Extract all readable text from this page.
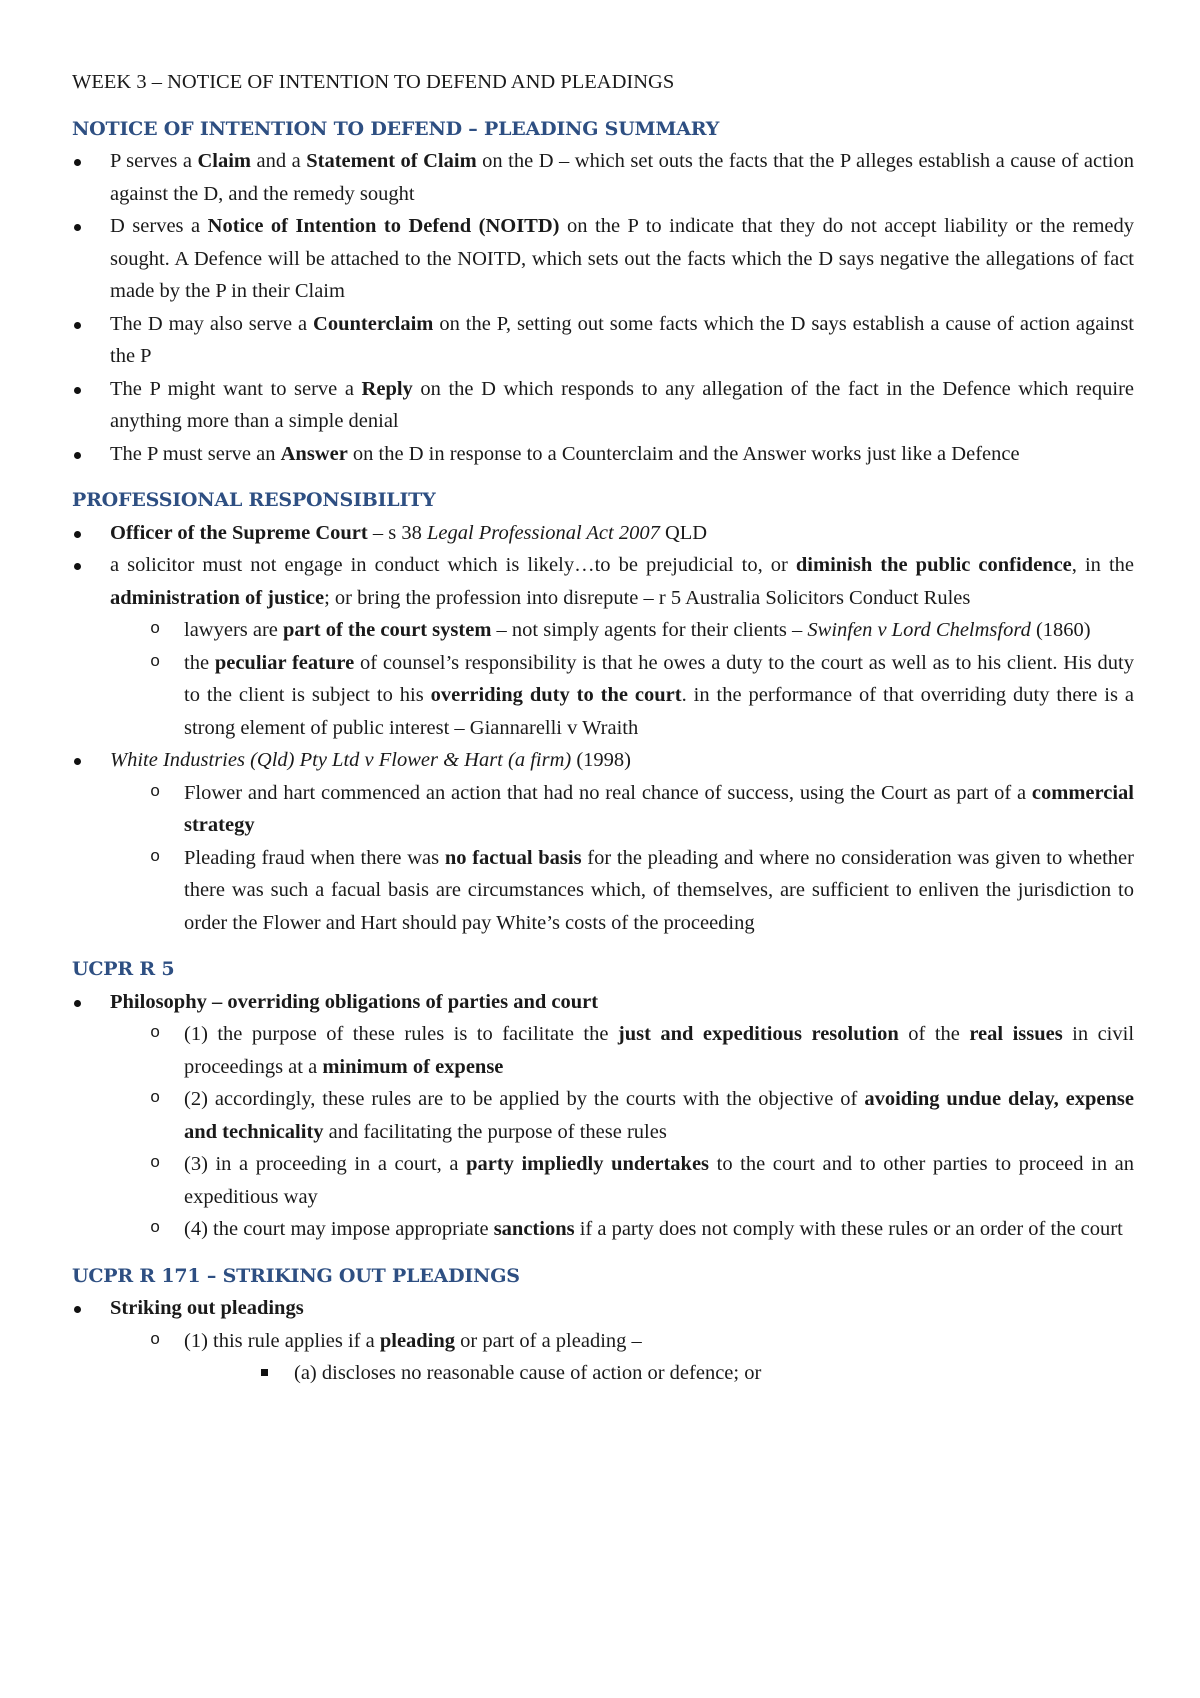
WEEK 3 – NOTICE OF INTENTION TO DEFEND AND PLEADINGS

NOTICE OF INTENTION TO DEFEND – PLEADING SUMMARY
P serves a Claim and a Statement of Claim on the D – which set outs the facts that the P alleges establish a cause of action against the D, and the remedy sought
D serves a Notice of Intention to Defend (NOITD) on the P to indicate that they do not accept liability or the remedy sought. A Defence will be attached to the NOITD, which sets out the facts which the D says negative the allegations of fact made by the P in their Claim
The D may also serve a Counterclaim on the P, setting out some facts which the D says establish a cause of action against the P
The P might want to serve a Reply on the D which responds to any allegation of the fact in the Defence which require anything more than a simple denial
The P must serve an Answer on the D in response to a Counterclaim and the Answer works just like a Defence
PROFESSIONAL RESPONSIBILITY
Officer of the Supreme Court – s 38 Legal Professional Act 2007 QLD
a solicitor must not engage in conduct which is likely…to be prejudicial to, or diminish the public confidence, in the administration of justice; or bring the profession into disrepute – r 5 Australia Solicitors Conduct Rules
o lawyers are part of the court system – not simply agents for their clients – Swinfen v Lord Chelmsford (1860)
o the peculiar feature of counsel’s responsibility is that he owes a duty to the court as well as to his client. His duty to the client is subject to his overriding duty to the court. in the performance of that overriding duty there is a strong element of public interest – Giannarelli v Wraith
White Industries (Qld) Pty Ltd v Flower & Hart (a firm) (1998)
o Flower and hart commenced an action that had no real chance of success, using the Court as part of a commercial strategy
o Pleading fraud when there was no factual basis for the pleading and where no consideration was given to whether there was such a facual basis are circumstances which, of themselves, are sufficient to enliven the jurisdiction to order the Flower and Hart should pay White’s costs of the proceeding
UCPR R 5
Philosophy – overriding obligations of parties and court
o (1) the purpose of these rules is to facilitate the just and expeditious resolution of the real issues in civil proceedings at a minimum of expense
o (2) accordingly, these rules are to be applied by the courts with the objective of avoiding undue delay, expense and technicality and facilitating the purpose of these rules
o (3) in a proceeding in a court, a party impliedly undertakes to the court and to other parties to proceed in an expeditious way
o (4) the court may impose appropriate sanctions if a party does not comply with these rules or an order of the court
UCPR R 171 – STRIKING OUT PLEADINGS
Striking out pleadings
o (1) this rule applies if a pleading or part of a pleading –
(a) discloses no reasonable cause of action or defence; or
